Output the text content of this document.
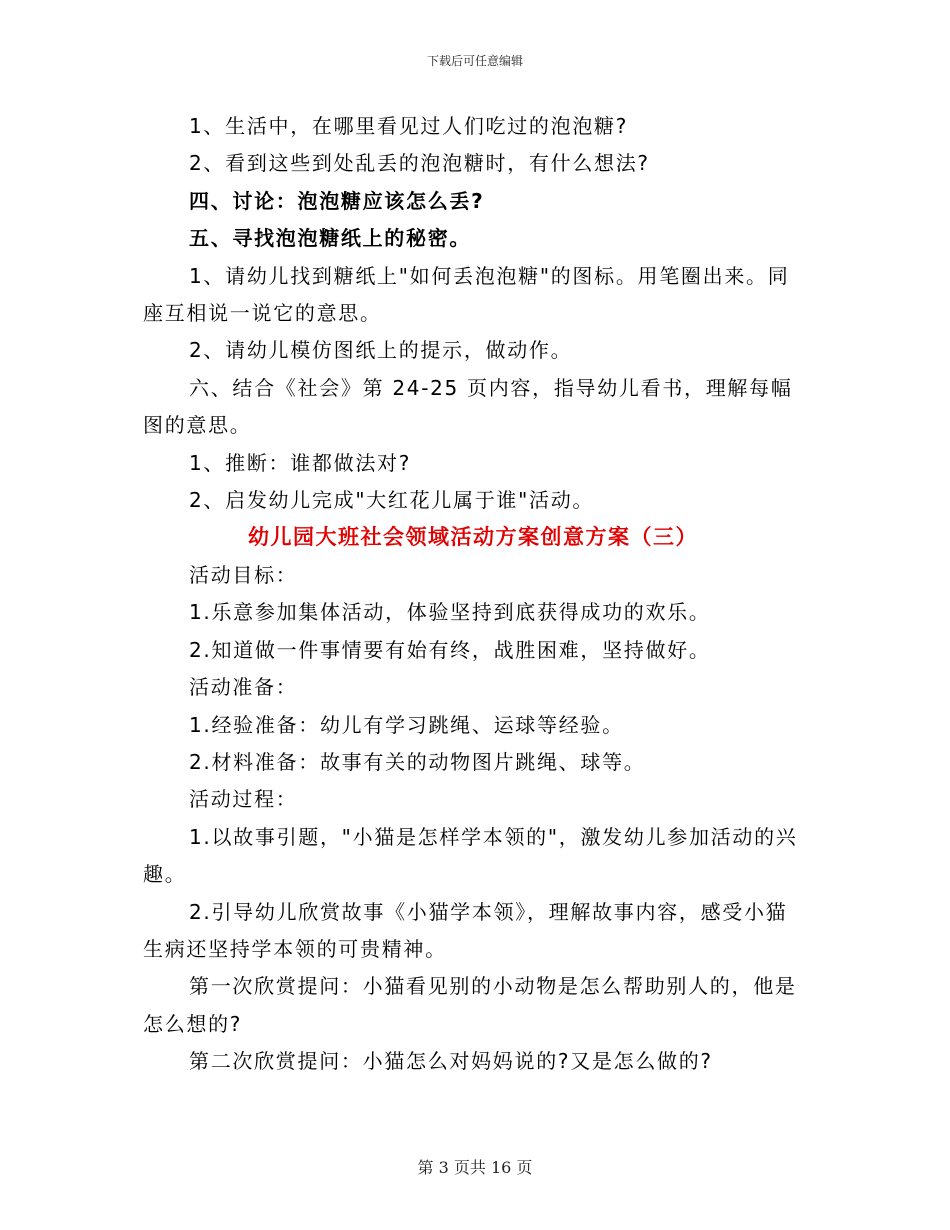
下载后可任意编辑

1、生活中，在哪里看见过人们吃过的泡泡糖?

2、看到这些到处乱丢的泡泡糖时，有什么想法?

四、讨论：泡泡糖应该怎么丢?

五、寻找泡泡糖纸上的秘密。

1、请幼儿找到糖纸上"如何丢泡泡糖"的图标。用笔圈出来。同座互相说一说它的意思。

2、请幼儿模仿图纸上的提示，做动作。

六、结合《社会》第 24-25 页内容，指导幼儿看书，理解每幅图的意思。

1、推断：谁都做法对?

2、启发幼儿完成"大红花儿属于谁"活动。

幼儿园大班社会领域活动方案创意方案（三）

活动目标：

1.乐意参加集体活动，体验坚持到底获得成功的欢乐。

2.知道做一件事情要有始有终，战胜困难，坚持做好。

活动准备：

1.经验准备：幼儿有学习跳绳、运球等经验。

2.材料准备：故事有关的动物图片跳绳、球等。

活动过程：

1.以故事引题，"小猫是怎样学本领的"，激发幼儿参加活动的兴趣。

2.引导幼儿欣赏故事《小猫学本领》，理解故事内容，感受小猫生病还坚持学本领的可贵精神。

第一次欣赏提问：小猫看见别的小动物是怎么帮助别人的，他是怎么想的?

第二次欣赏提问：小猫怎么对妈妈说的?又是怎么做的?

第 3 页共 16 页
